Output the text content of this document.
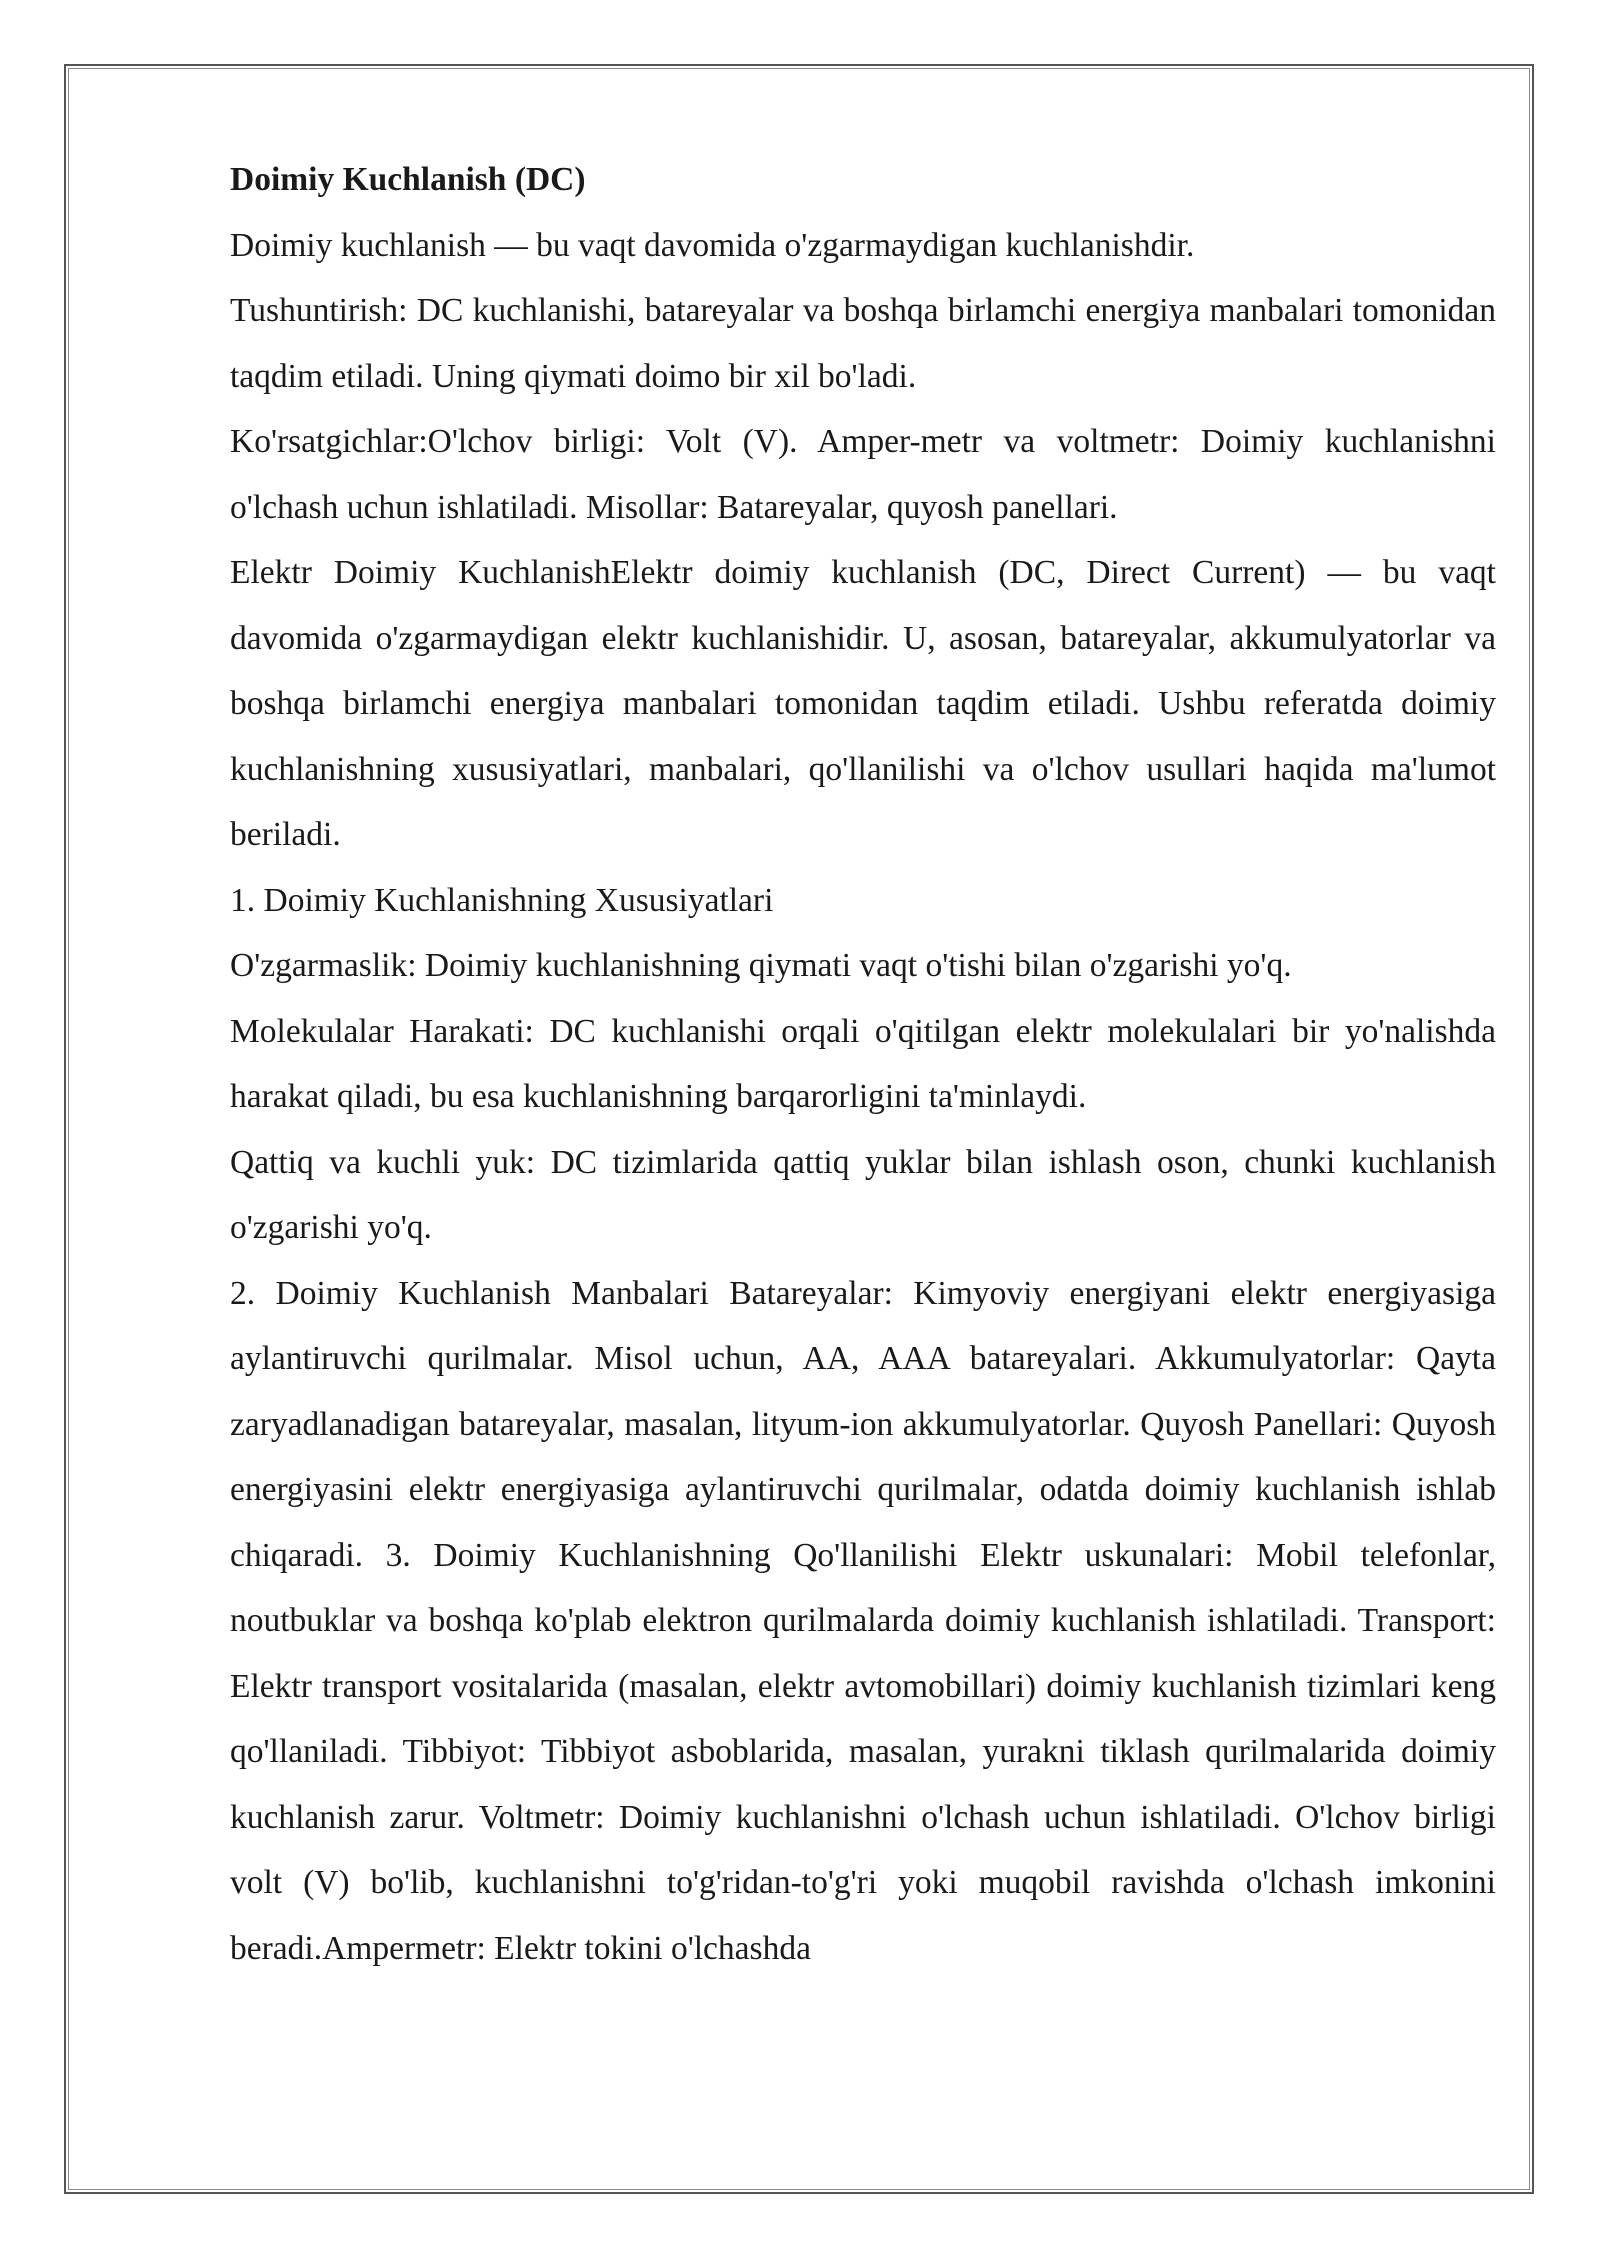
Doimiy Kuchlanish (DC)

Doimiy kuchlanish — bu vaqt davomida o'zgarmaydigan kuchlanishdir.

Tushuntirish: DC kuchlanishi, batareyalar va boshqa birlamchi energiya manbalari tomonidan taqdim etiladi. Uning qiymati doimo bir xil bo'ladi.

Ko'rsatgichlar:O'lchov birligi: Volt (V). Amper-metr va voltmetr: Doimiy kuchlanishni o'lchash uchun ishlatiladi. Misollar: Batareyalar, quyosh panellari.

Elektr Doimiy KuchlanishElektr doimiy kuchlanish (DC, Direct Current) — bu vaqt davomida o'zgarmaydigan elektr kuchlanishidir. U, asosan, batareyalar, akkumulyatorlar va boshqa birlamchi energiya manbalari tomonidan taqdim etiladi. Ushbu referatda doimiy kuchlanishning xususiyatlari, manbalari, qo'llanilishi va o'lchov usullari haqida ma'lumot beriladi.

1. Doimiy Kuchlanishning Xususiyatlari

O'zgarmaslik: Doimiy kuchlanishning qiymati vaqt o'tishi bilan o'zgarishi yo'q.

Molekulalar Harakati: DC kuchlanishi orqali o'qitilgan elektr molekulalari bir yo'nalishda harakat qiladi, bu esa kuchlanishning barqarorligini ta'minlaydi.

Qattiq va kuchli yuk: DC tizimlarida qattiq yuklar bilan ishlash oson, chunki kuchlanish o'zgarishi yo'q.

2. Doimiy Kuchlanish Manbalari Batareyalar: Kimyoviy energiyani elektr energiyasiga aylantiruvchi qurilmalar. Misol uchun, AA, AAA batareyalari. Akkumulyatorlar: Qayta zaryadlanadigan batareyalar, masalan, lityum-ion akkumulyatorlar. Quyosh Panellari: Quyosh energiyasini elektr energiyasiga aylantiruvchi qurilmalar, odatda doimiy kuchlanish ishlab chiqaradi. 3. Doimiy Kuchlanishning Qo'llanilishi Elektr uskunalari: Mobil telefonlar, noutbuklar va boshqa ko'plab elektron qurilmalarda doimiy kuchlanish ishlatiladi. Transport: Elektr transport vositalarida (masalan, elektr avtomobillari) doimiy kuchlanish tizimlari keng qo'llaniladi. Tibbiyot: Tibbiyot asboblarida, masalan, yurakni tiklash qurilmalarida doimiy kuchlanish zarur. Voltmetr: Doimiy kuchlanishni o'lchash uchun ishlatiladi. O'lchov birligi volt (V) bo'lib, kuchlanishni to'g'ridan-to'g'ri yoki muqobil ravishda o'lchash imkonini beradi.Ampermetr: Elektr tokini o'lchashda
